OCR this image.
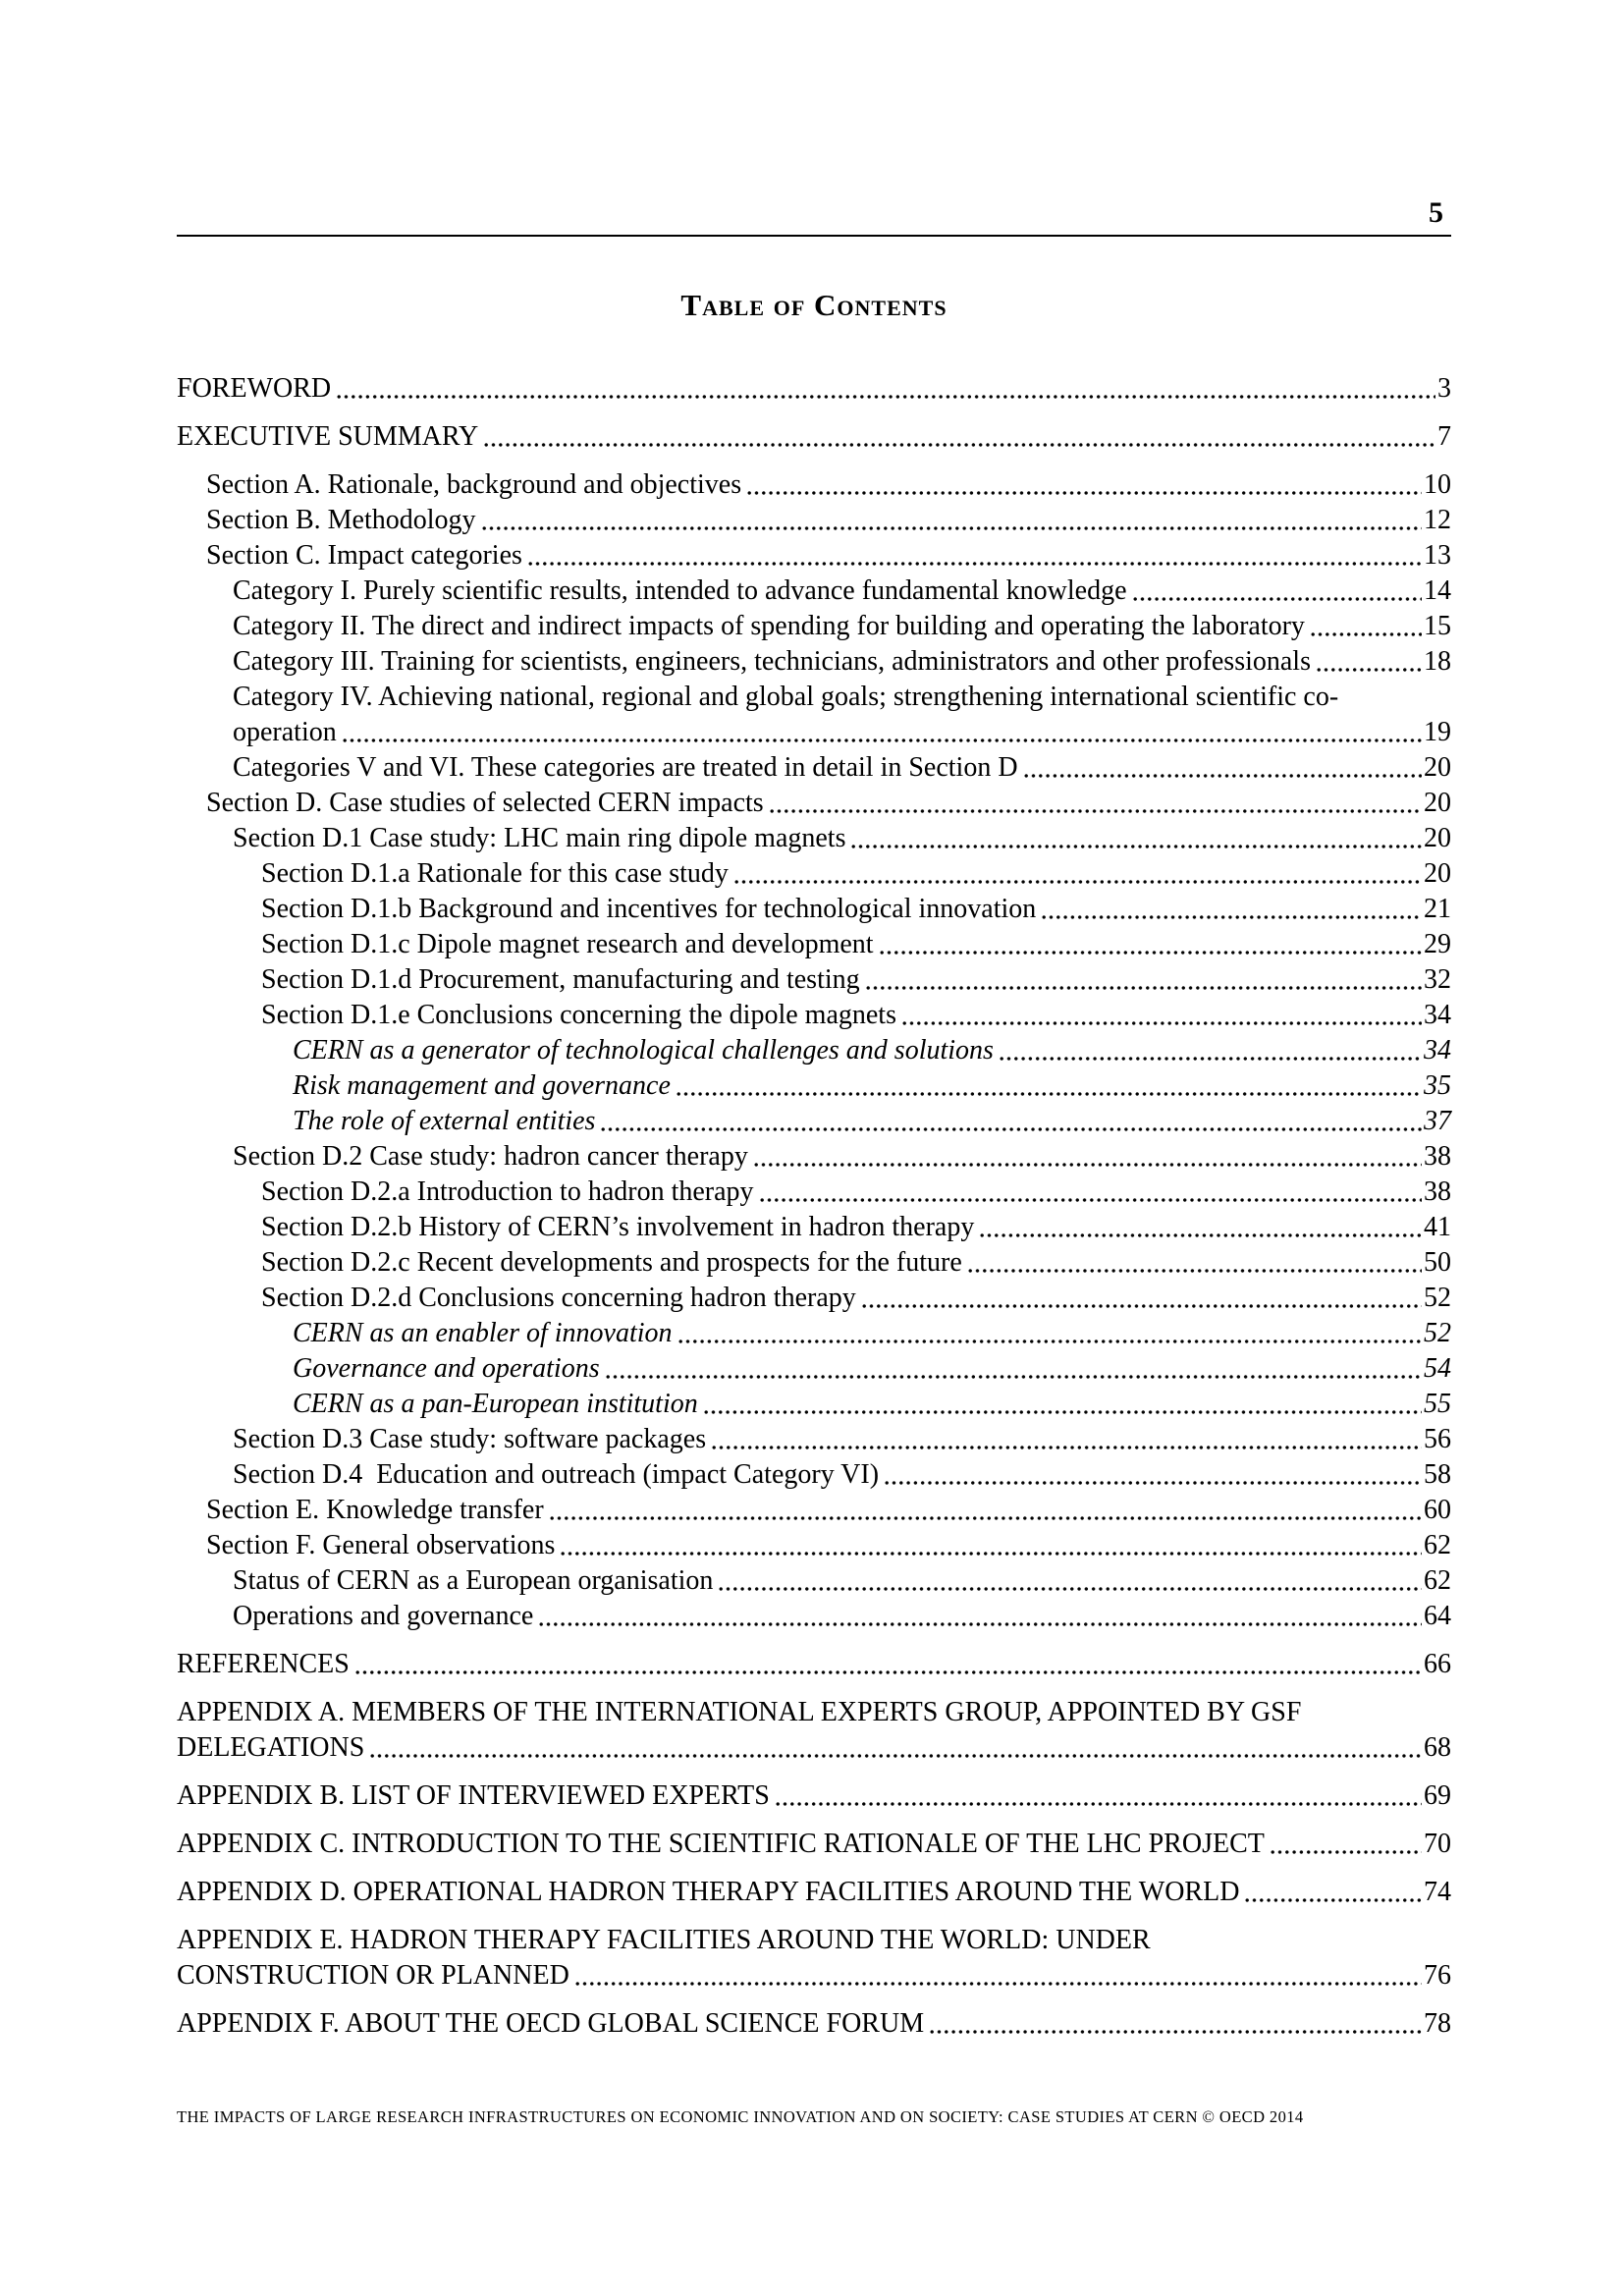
5
Table of Contents
FOREWORD	3
EXECUTIVE SUMMARY	7
Section A. Rationale, background and objectives	10
Section B. Methodology	12
Section C. Impact categories	13
Category I. Purely scientific results, intended to advance fundamental knowledge	14
Category II. The direct and indirect impacts of spending for building and operating the laboratory	15
Category III. Training for scientists, engineers, technicians, administrators and other professionals	18
Category IV. Achieving national, regional and global goals; strengthening international scientific co-
operation	19
Categories V and VI. These categories are treated in detail in Section D	20
Section D. Case studies of selected CERN impacts	20
Section D.1 Case study: LHC main ring dipole magnets	20
Section D.1.a Rationale for this case study	20
Section D.1.b Background and incentives for technological innovation	21
Section D.1.c Dipole magnet research and development	29
Section D.1.d Procurement, manufacturing and testing	32
Section D.1.e Conclusions concerning the dipole magnets	34
CERN as a generator of technological challenges and solutions	34
Risk management and governance	35
The role of external entities	37
Section D.2 Case study: hadron cancer therapy	38
Section D.2.a Introduction to hadron therapy	38
Section D.2.b History of CERN’s involvement in hadron therapy	41
Section D.2.c Recent developments and prospects for the future	50
Section D.2.d Conclusions concerning hadron therapy	52
CERN as an enabler of innovation	52
Governance and operations	54
CERN as a pan-European institution	55
Section D.3 Case study: software packages	56
Section D.4  Education and outreach (impact Category VI)	58
Section E. Knowledge transfer	60
Section F. General observations	62
Status of CERN as a European organisation	62
Operations and governance	64
REFERENCES	66
APPENDIX A. MEMBERS OF THE INTERNATIONAL EXPERTS GROUP, APPOINTED BY GSF
DELEGATIONS	68
APPENDIX B. LIST OF INTERVIEWED EXPERTS	69
APPENDIX C. INTRODUCTION TO THE SCIENTIFIC RATIONALE OF THE LHC PROJECT	70
APPENDIX D. OPERATIONAL HADRON THERAPY FACILITIES AROUND THE WORLD	74
APPENDIX E. HADRON THERAPY FACILITIES AROUND THE WORLD: UNDER
CONSTRUCTION OR PLANNED	76
APPENDIX F. ABOUT THE OECD GLOBAL SCIENCE FORUM	78
THE IMPACTS OF LARGE RESEARCH INFRASTRUCTURES ON ECONOMIC INNOVATION AND ON SOCIETY: CASE STUDIES AT CERN © OECD 2014
